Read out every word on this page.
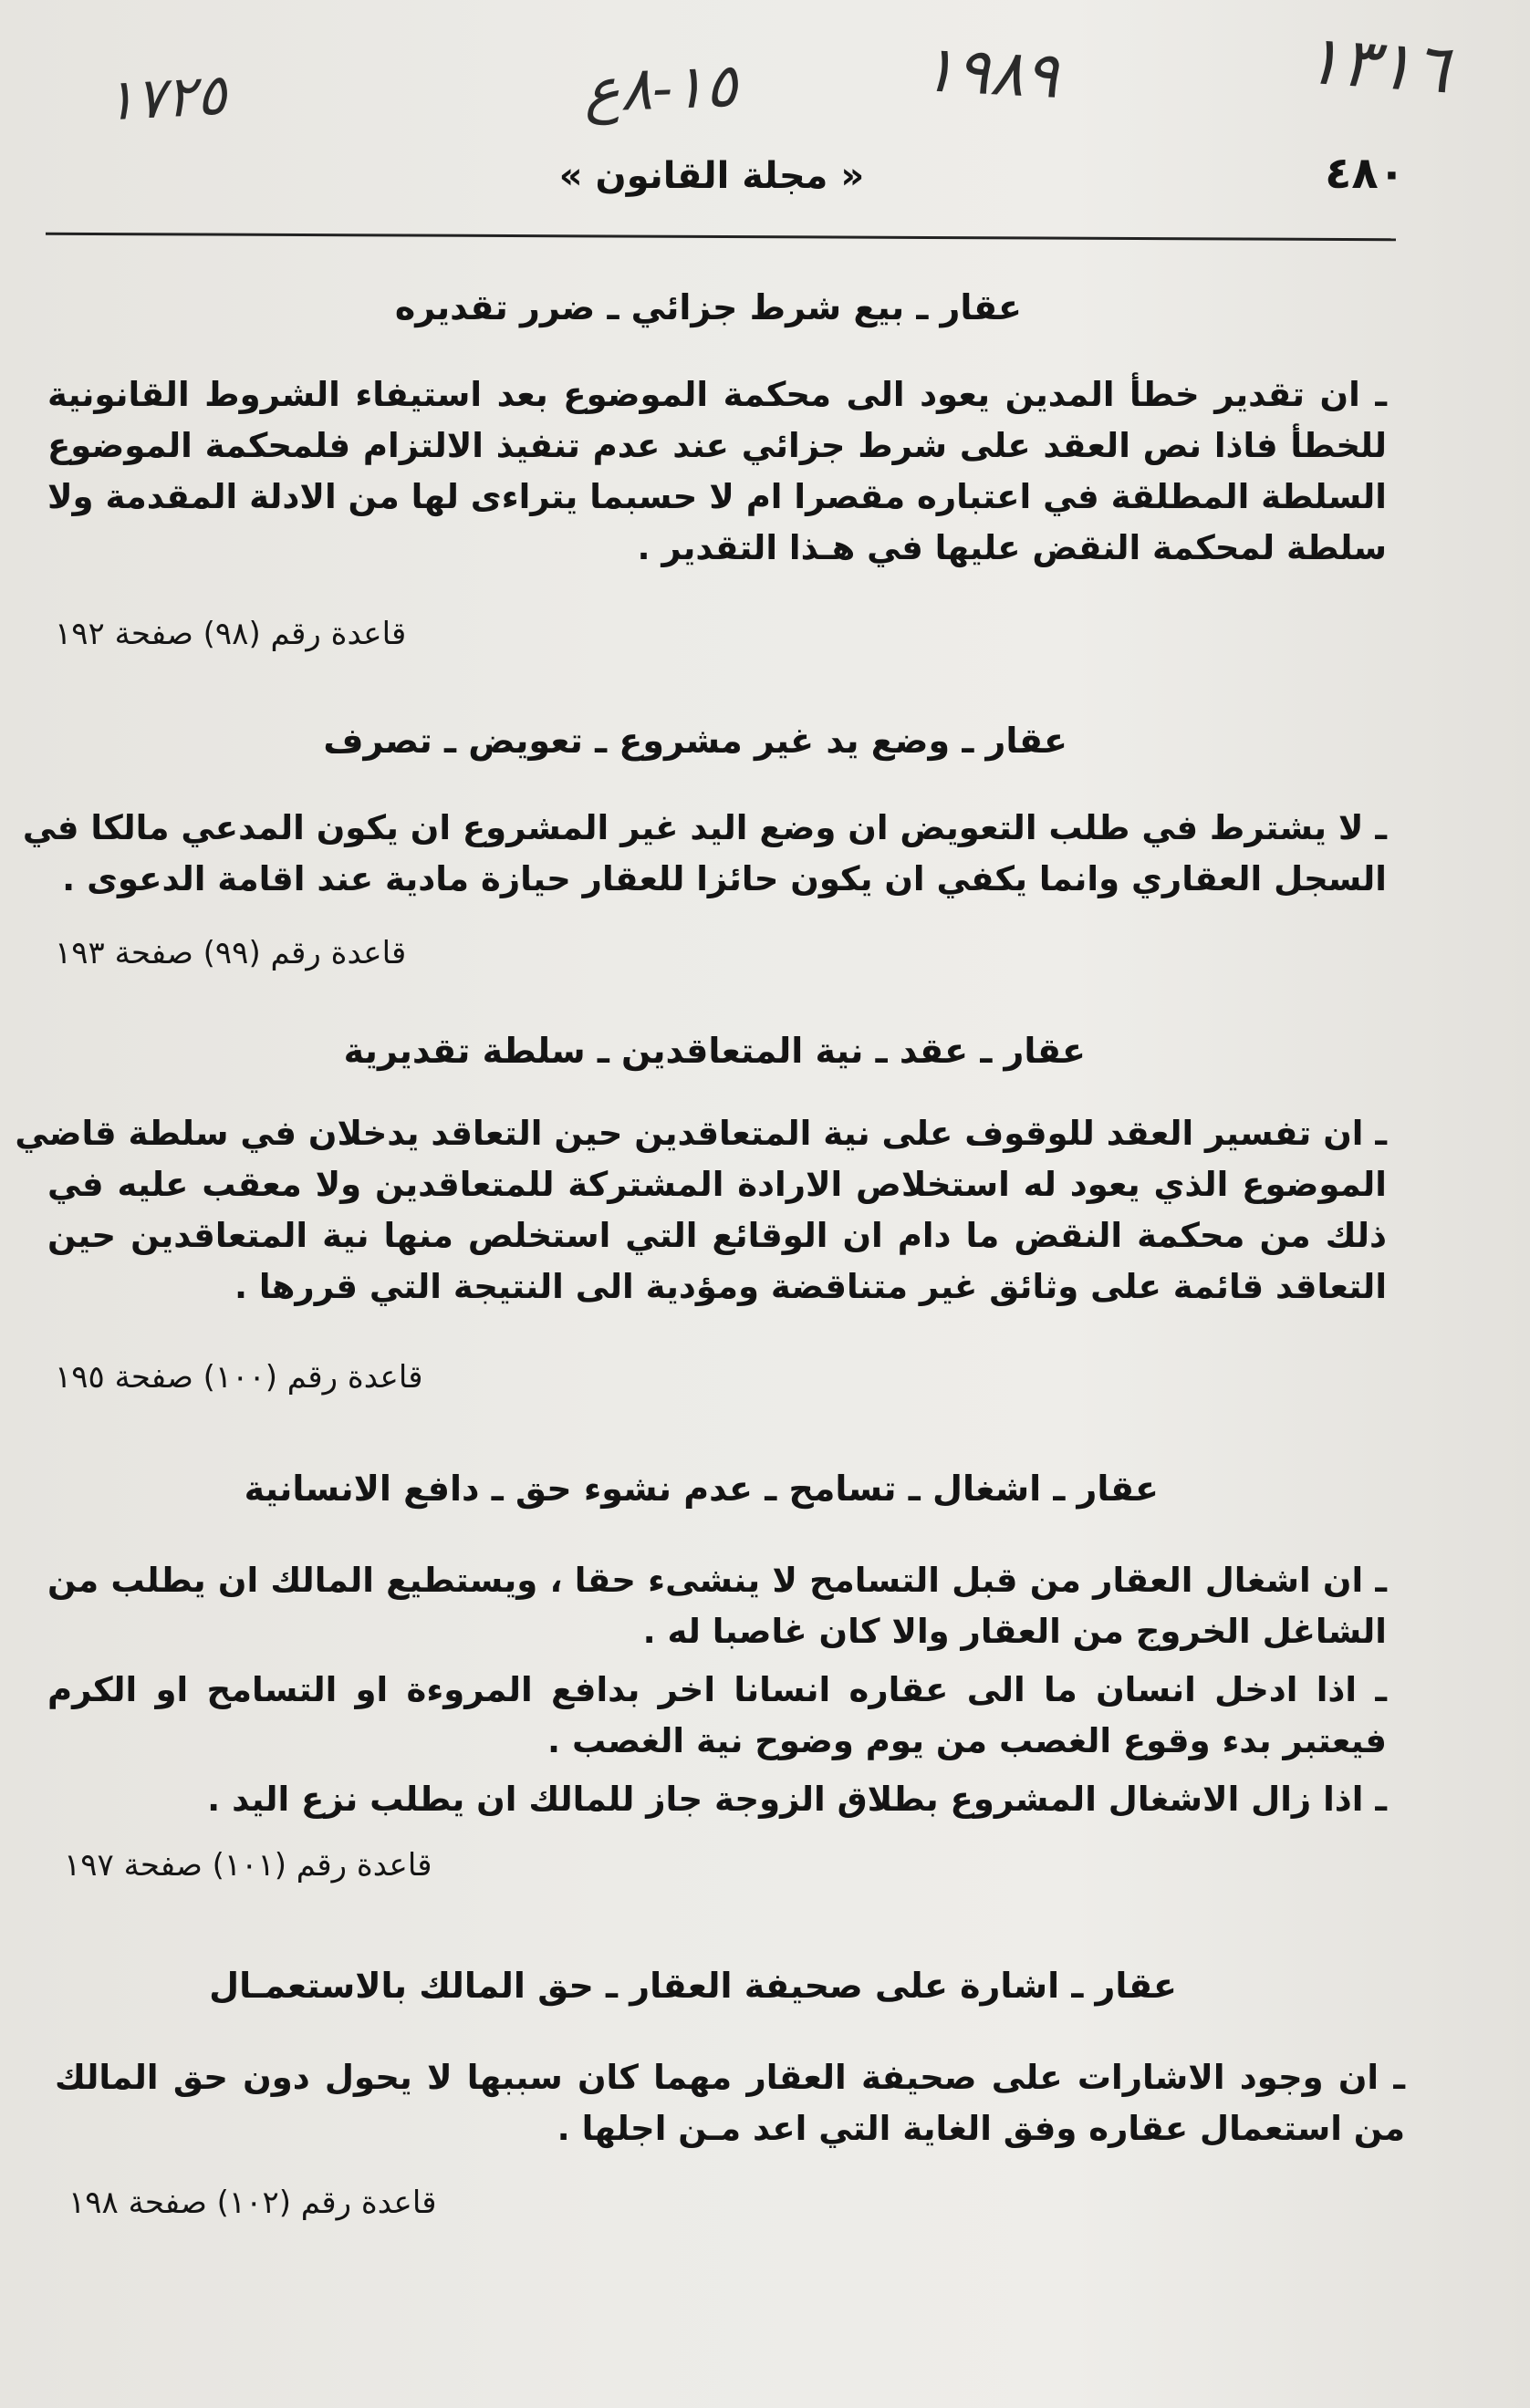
١٧٢٥	١٥-٨ع	١٩٨٩	١٣١٦
« مجلة القانون »	٤٨٠
عقار ـ بيع شرط جزائي ـ ضرر تقديره
ـ ان تقدير خطأ المدين يعود الى محكمة الموضوع بعد استيفاء الشروط القانونية
للخطأ فاذا نص العقد على شرط جزائي عند عدم تنفيذ الالتزام فلمحكمة الموضوع
السلطة المطلقة في اعتباره مقصرا ام لا حسبما يتراءى لها من الادلة المقدمة ولا
سلطة لمحكمة النقض عليها في هـذا التقدير .
قاعدة رقم (٩٨) صفحة ١٩٢
عقار ـ وضع يد غير مشروع ـ تعويض ـ تصرف
ـ لا يشترط في طلب التعويض ان وضع اليد غير المشروع ان يكون المدعي مالكا في
السجل العقاري وانما يكفي ان يكون حائزا للعقار حيازة مادية عند اقامة الدعوى .
قاعدة رقم (٩٩) صفحة ١٩٣
عقار ـ عقد ـ نية المتعاقدين ـ سلطة تقديرية
ـ ان تفسير العقد للوقوف على نية المتعاقدين حين التعاقد يدخلان في سلطة قاضي
الموضوع الذي يعود له استخلاص الارادة المشتركة للمتعاقدين ولا معقب عليه في
ذلك من محكمة النقض ما دام ان الوقائع التي استخلص منها نية المتعاقدين حين
التعاقد قائمة على وثائق غير متناقضة ومؤدية الى النتيجة التي قررها .
قاعدة رقم (١٠٠) صفحة ١٩٥
عقار ـ اشغال ـ تسامح ـ عدم نشوء حق ـ دافع الانسانية
ـ ان اشغال العقار من قبل التسامح لا ينشىء حقا ، ويستطيع المالك ان يطلب من
الشاغل الخروج من العقار والا كان غاصبا له .
ـ اذا ادخل انسان ما الى عقاره انسانا اخر بدافع المروءة او التسامح او الكرم
فيعتبر بدء وقوع الغصب من يوم وضوح نية الغصب .
ـ اذا زال الاشغال المشروع بطلاق الزوجة جاز للمالك ان يطلب نزع اليد .
قاعدة رقم (١٠١) صفحة ١٩٧
عقار ـ اشارة على صحيفة العقار ـ حق المالك بالاستعمـال
ـ ان وجود الاشارات على صحيفة العقار مهما كان سببها لا يحول دون حق المالك
من استعمال عقاره وفق الغاية التي اعد مـن اجلها .
قاعدة رقم (١٠٢) صفحة ١٩٨
